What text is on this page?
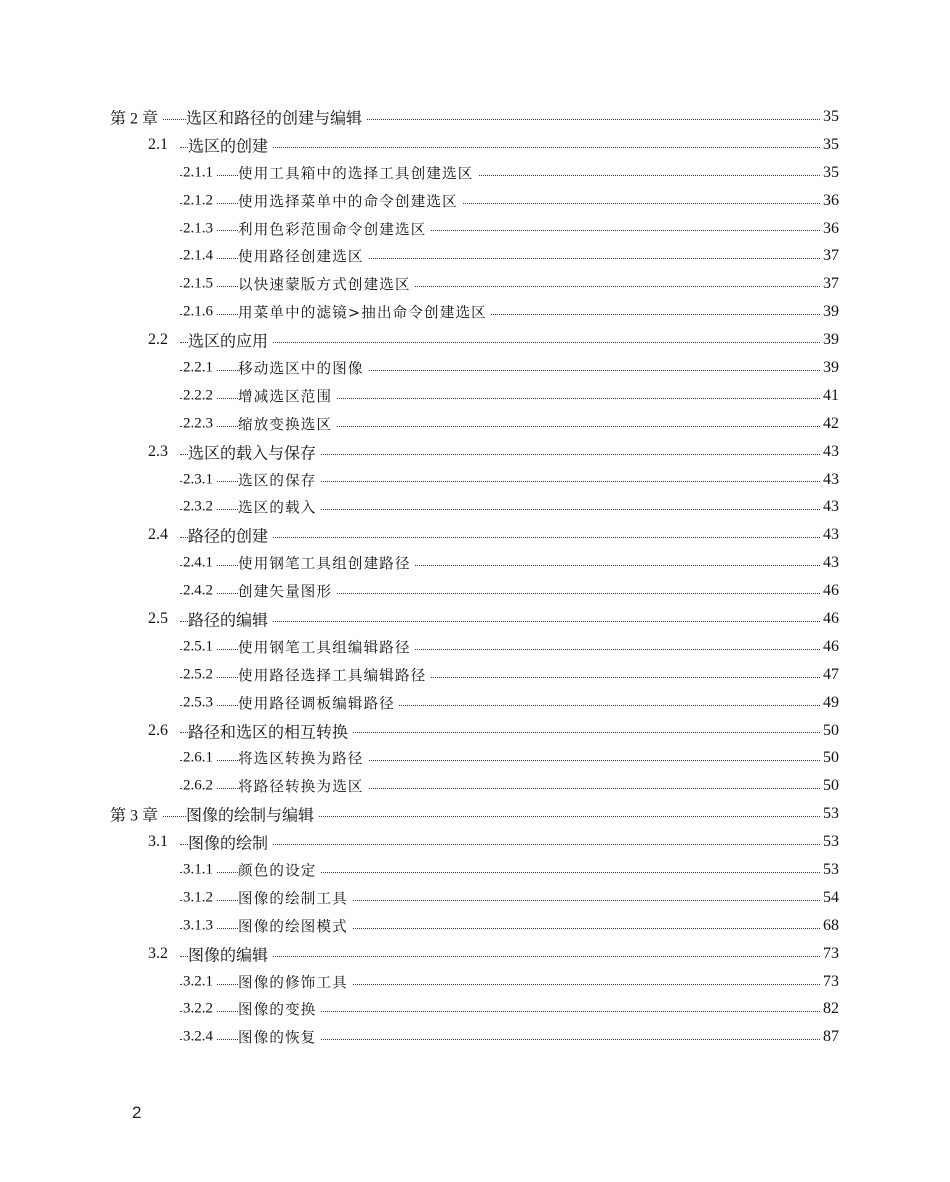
第 2 章 选区和路径的创建与编辑	35
2.1 选区的创建	35
2.1.1 使用工具箱中的选择工具创建选区	35
2.1.2 使用选择菜单中的命令创建选区	36
2.1.3 利用色彩范围命令创建选区	36
2.1.4 使用路径创建选区	37
2.1.5 以快速蒙版方式创建选区	37
2.1.6 用菜单中的滤镜>抽出命令创建选区	39
2.2 选区的应用	39
2.2.1 移动选区中的图像	39
2.2.2 增减选区范围	41
2.2.3 缩放变换选区	42
2.3 选区的载入与保存	43
2.3.1 选区的保存	43
2.3.2 选区的载入	43
2.4 路径的创建	43
2.4.1 使用钢笔工具组创建路径	43
2.4.2 创建矢量图形	46
2.5 路径的编辑	46
2.5.1 使用钢笔工具组编辑路径	46
2.5.2 使用路径选择工具编辑路径	47
2.5.3 使用路径调板编辑路径	49
2.6 路径和选区的相互转换	50
2.6.1 将选区转换为路径	50
2.6.2 将路径转换为选区	50
第 3 章 图像的绘制与编辑	53
3.1 图像的绘制	53
3.1.1 颜色的设定	53
3.1.2 图像的绘制工具	54
3.1.3 图像的绘图模式	68
3.2 图像的编辑	73
3.2.1 图像的修饰工具	73
3.2.2 图像的变换	82
3.2.4 图像的恢复	87
2
